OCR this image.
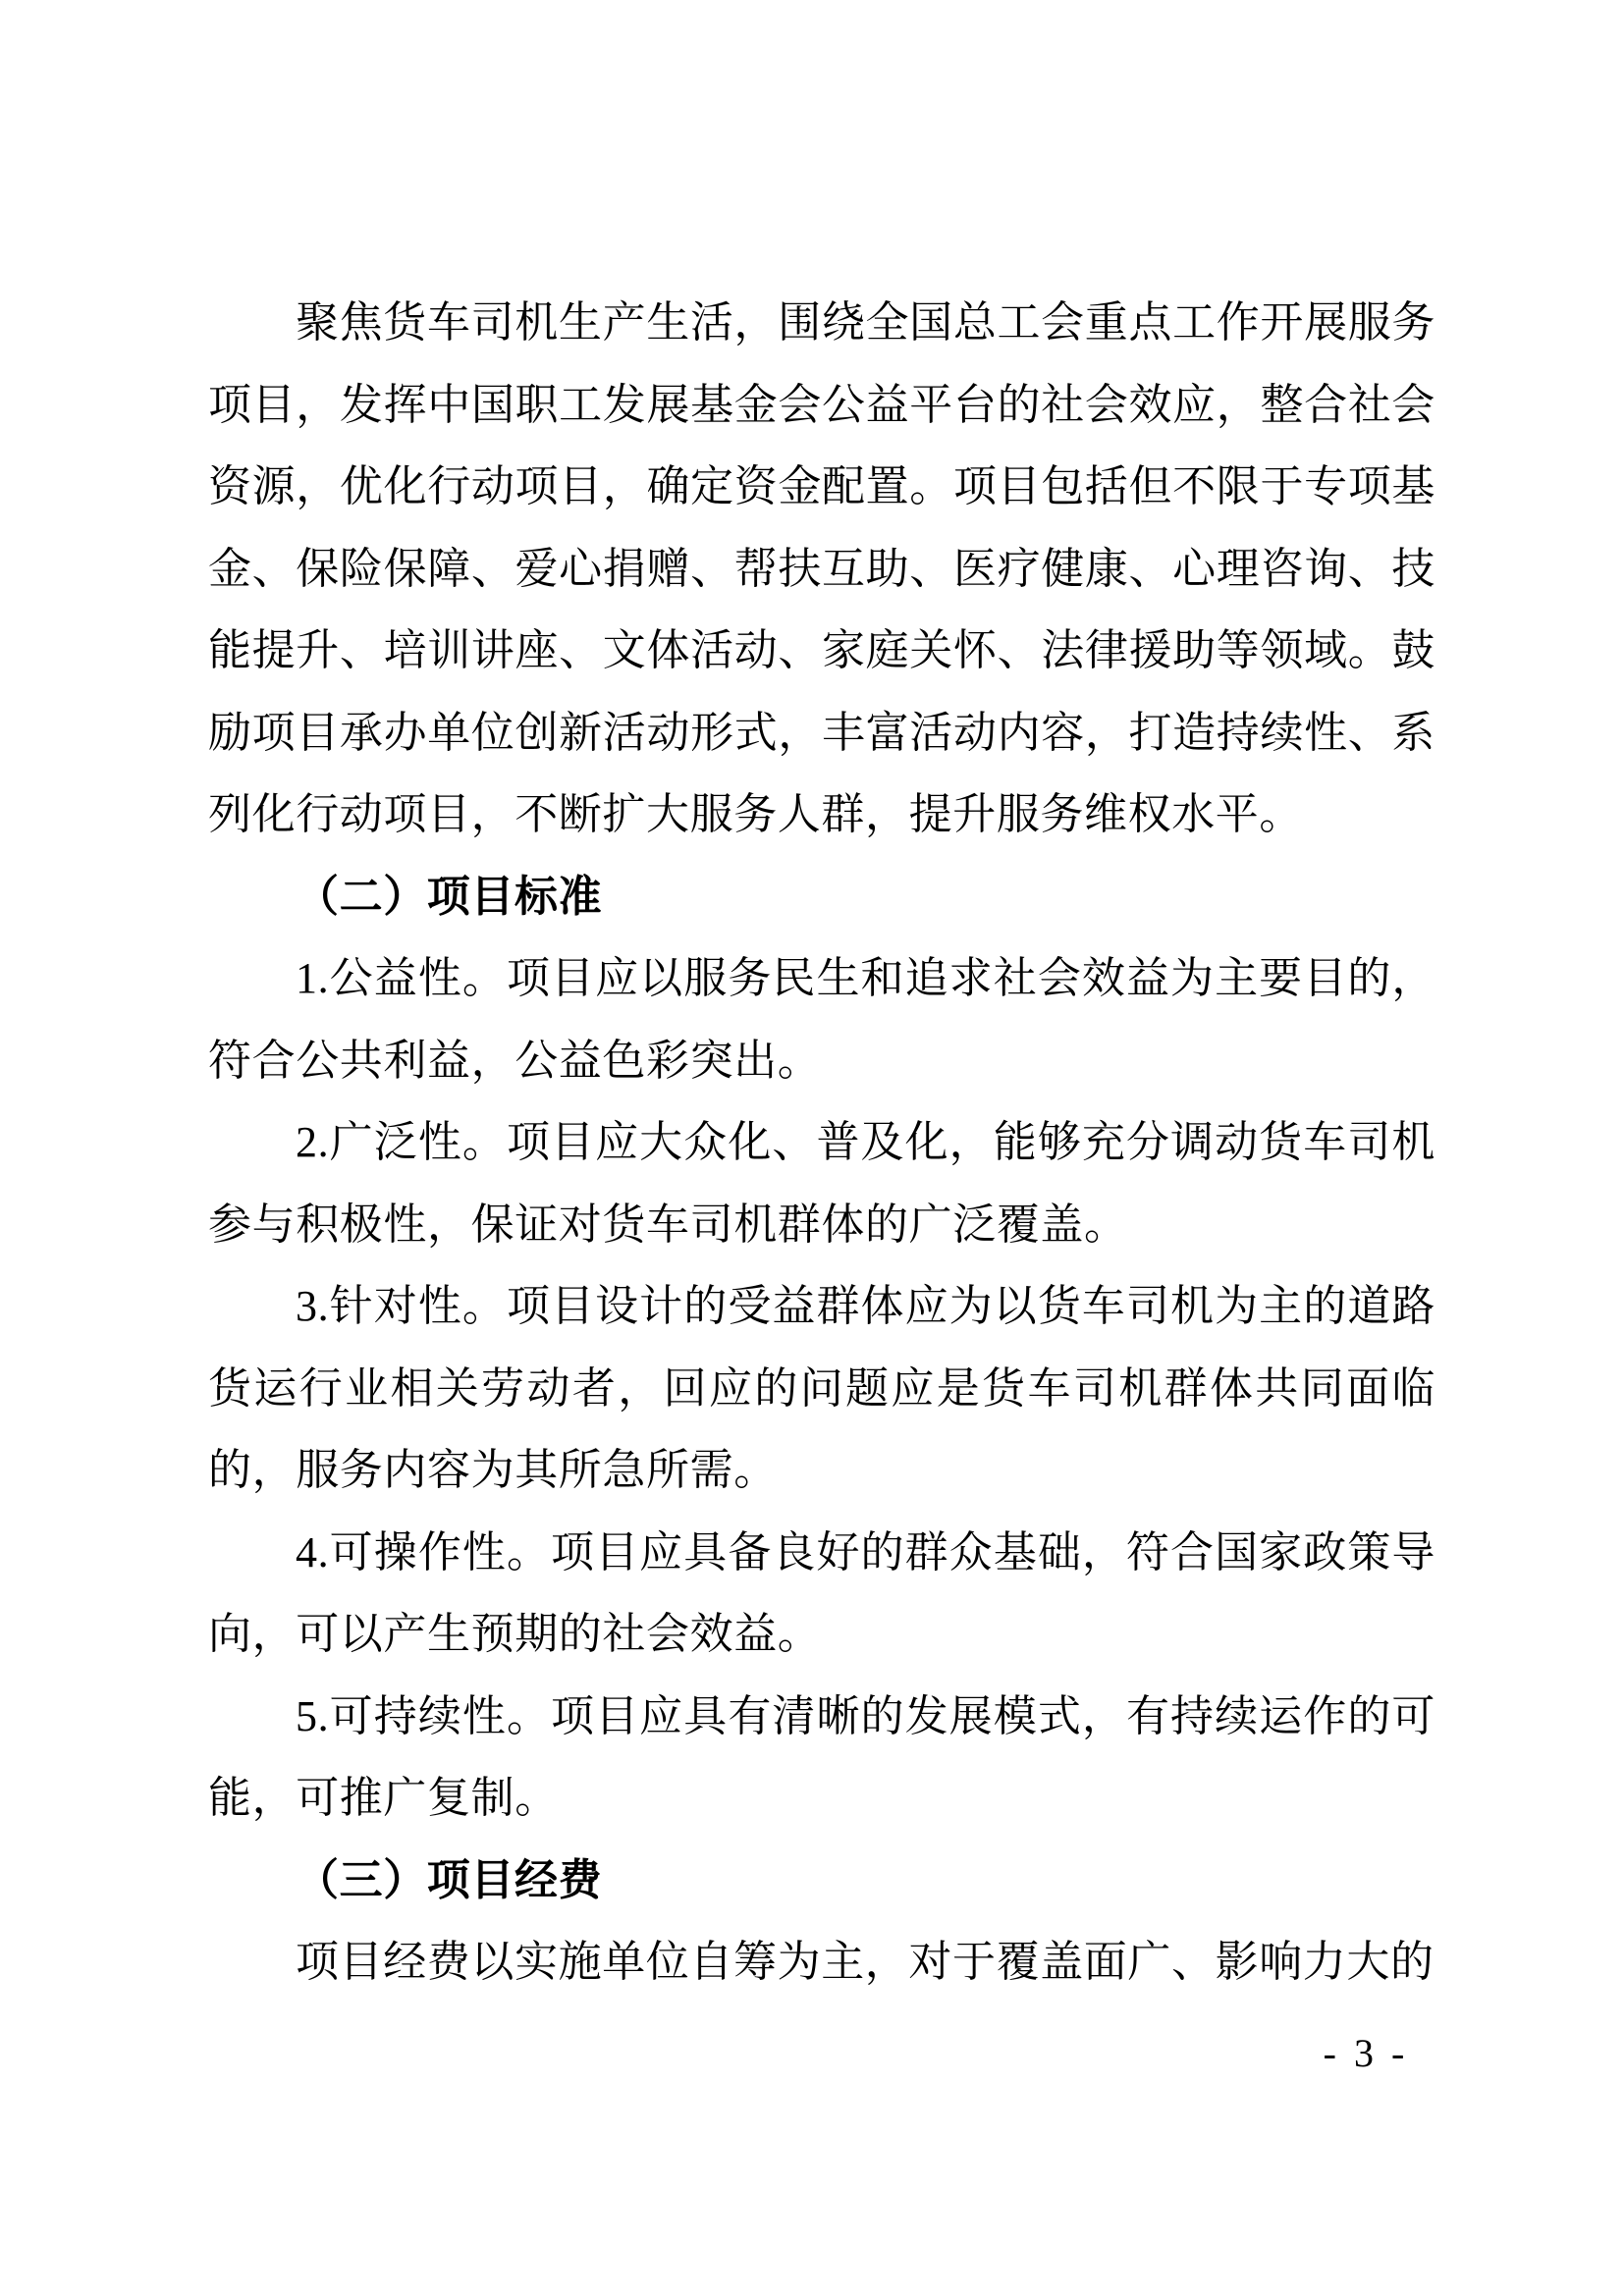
聚焦货车司机生产生活，围绕全国总工会重点工作开展服务项目，发挥中国职工发展基金会公益平台的社会效应，整合社会资源，优化行动项目，确定资金配置。项目包括但不限于专项基金、保险保障、爱心捐赠、帮扶互助、医疗健康、心理咨询、技能提升、培训讲座、文体活动、家庭关怀、法律援助等领域。鼓励项目承办单位创新活动形式，丰富活动内容，打造持续性、系列化行动项目，不断扩大服务人群，提升服务维权水平。

（二）项目标准

1.公益性。项目应以服务民生和追求社会效益为主要目的，符合公共利益，公益色彩突出。

2.广泛性。项目应大众化、普及化，能够充分调动货车司机参与积极性，保证对货车司机群体的广泛覆盖。

3.针对性。项目设计的受益群体应为以货车司机为主的道路货运行业相关劳动者，回应的问题应是货车司机群体共同面临的，服务内容为其所急所需。

4.可操作性。项目应具备良好的群众基础，符合国家政策导向，可以产生预期的社会效益。

5.可持续性。项目应具有清晰的发展模式，有持续运作的可能，可推广复制。

（三）项目经费

项目经费以实施单位自筹为主，对于覆盖面广、影响力大的

- 3 -
